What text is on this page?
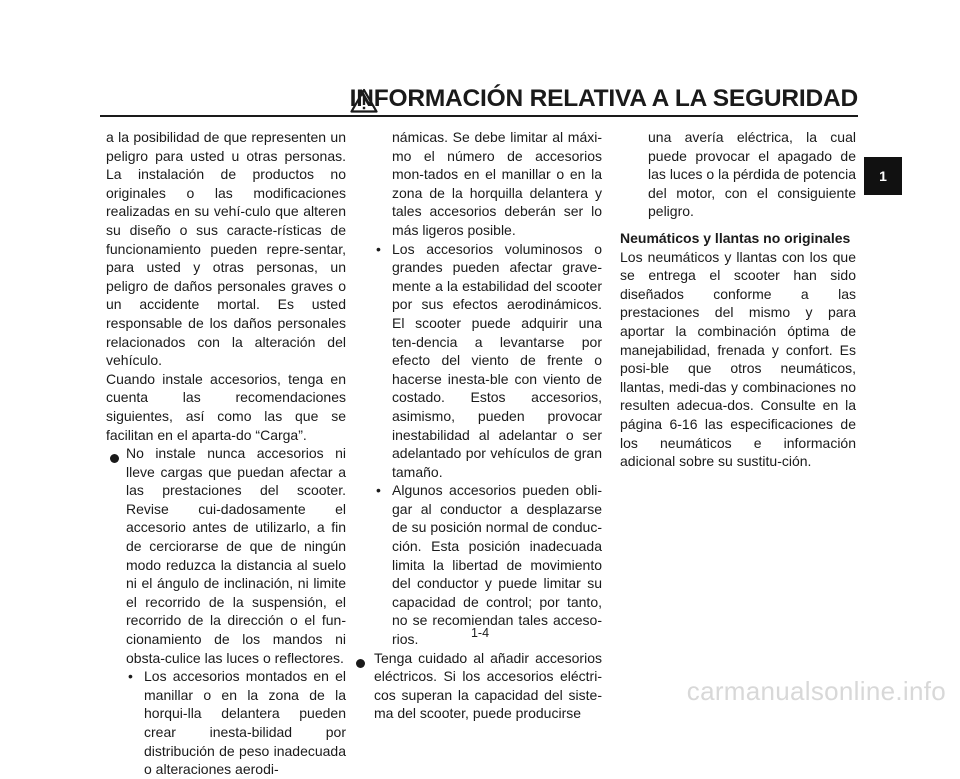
INFORMACIÓN RELATIVA A LA SEGURIDAD
1

a la posibilidad de que representen un peligro para usted u otras personas. La instalación de productos no originales o las modificaciones realizadas en su vehí-culo que alteren su diseño o sus caracte-rísticas de funcionamiento pueden repre-sentar, para usted y otras personas, un peligro de daños personales graves o un accidente mortal. Es usted responsable de los daños personales relacionados con la alteración del vehículo.

Cuando instale accesorios, tenga en cuenta las recomendaciones siguientes, así como las que se facilitan en el aparta-do “Carga”.

No instale nunca accesorios ni lleve cargas que puedan afectar a las prestaciones del scooter. Revise cui-dadosamente el accesorio antes de utilizarlo, a fin de cerciorarse de que de ningún modo reduzca la distancia al suelo ni el ángulo de inclinación, ni limite el recorrido de la suspensión, el recorrido de la dirección o el fun-cionamiento de los mandos ni obsta-culice las luces o reflectores.
• Los accesorios montados en el manillar o en la zona de la horqui-lla delantera pueden crear inesta-bilidad por distribución de peso inadecuada o alteraciones aerodi-
námicas. Se debe limitar al máxi-mo el número de accesorios mon-tados en el manillar o en la zona de la horquilla delantera y tales accesorios deberán ser lo más ligeros posible.
• Los accesorios voluminosos o grandes pueden afectar grave-mente a la estabilidad del scooter por sus efectos aerodinámicos. El scooter puede adquirir una ten-dencia a levantarse por efecto del viento de frente o hacerse inesta-ble con viento de costado. Estos accesorios, asimismo, pueden provocar inestabilidad al adelantar o ser adelantado por vehículos de gran tamaño.
• Algunos accesorios pueden obli-gar al conductor a desplazarse de su posición normal de conduc-ción. Esta posición inadecuada limita la libertad de movimiento del conductor y puede limitar su capacidad de control; por tanto, no se recomiendan tales acceso-rios.
Tenga cuidado al añadir accesorios eléctricos. Si los accesorios eléctri-cos superan la capacidad del siste-ma del scooter, puede producirse

una avería eléctrica, la cual puede provocar el apagado de las luces o la pérdida de potencia del motor, con el consiguiente peligro.

Neumáticos y llantas no originales

Los neumáticos y llantas con los que se entrega el scooter han sido diseñados conforme a las prestaciones del mismo y para aportar la combinación óptima de manejabilidad, frenada y confort. Es posi-ble que otros neumáticos, llantas, medi-das y combinaciones no resulten adecua-dos. Consulte en la página 6-16 las especificaciones de los neumáticos e información adicional sobre su sustitu-ción.

1-4
carmanualsonline.info
